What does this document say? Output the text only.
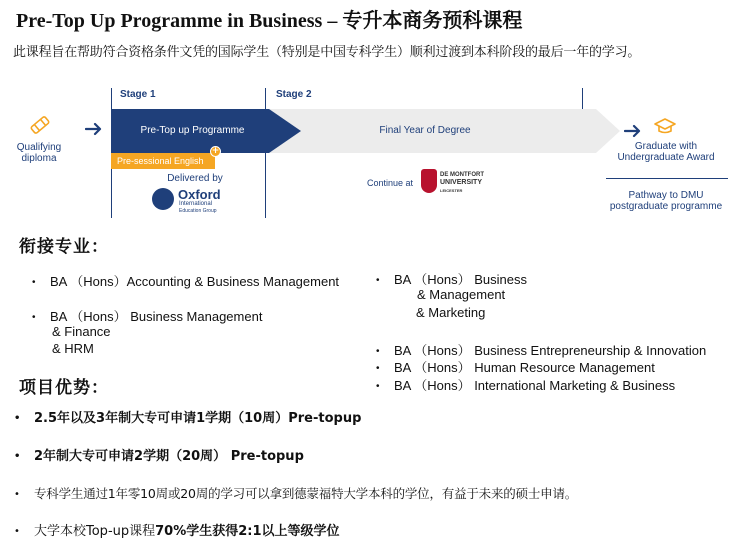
Pre-Top Up Programme in Business – 专升本商务预科课程
此课程旨在帮助符合资格条件文凭的国际学生（特别是中国专科学生）顺利过渡到本科阶段的最后一年的学习。
Stage 1	Stage 2
Qualifying
diploma
Pre-Top up Programme	Final Year of Degree
Pre-sessional English
+
Delivered by
Oxford
International
Education Group
Continue at
DE MONTFORT
UNIVERSITY
LEICESTER
Graduate with
Undergraduate Award
Pathway to DMU
postgraduate programme
衔接专业：
• BA （Hons）Accounting & Business Management
• BA （Hons） Business Management
& Finance
& HRM
• BA （Hons） Business
& Management
& Marketing
• BA （Hons） Business Entrepreneurship & Innovation
• BA （Hons） Human Resource Management
• BA （Hons） International Marketing & Business
项目优势：
• 2.5年以及3年制大专可申请1学期（10周）Pre-topup
• 2年制大专可申请2学期（20周） Pre-topup
• 专科学生通过1年零10周或20周的学习可以拿到德蒙福特大学本科的学位，有益于未来的硕士申请。
• 大学本校Top-up课程70%学生获得2:1以上等级学位
